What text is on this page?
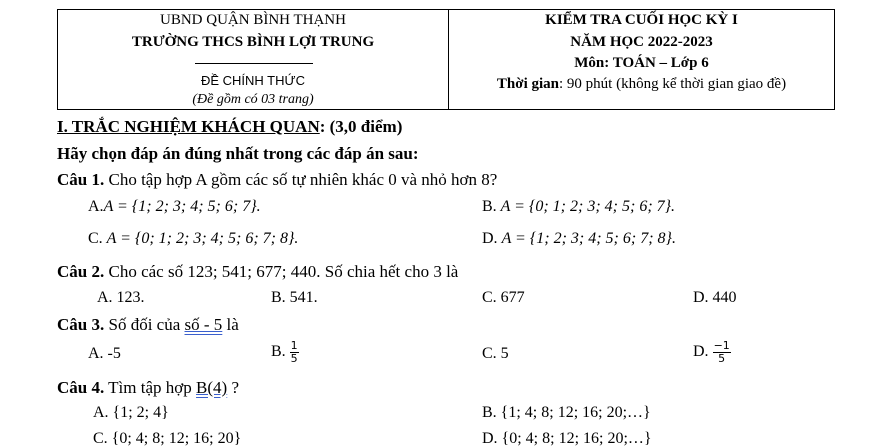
UBND QUẬN BÌNH THẠNH
TRƯỜNG THCS BÌNH LỢI TRUNG
ĐỀ CHÍNH THỨC
(Đề gồm có 03 trang)
KIỂM TRA CUỐI HỌC KỲ I
NĂM HỌC 2022-2023
Môn: TOÁN – Lớp 6
Thời gian: 90 phút (không kể thời gian giao đề)
I. TRẮC NGHIỆM KHÁCH QUAN: (3,0 điểm)
Hãy chọn đáp án đúng nhất trong các đáp án sau:
Câu 1. Cho tập hợp A gồm các số tự nhiên khác 0 và nhỏ hơn 8?
A.A = {1; 2; 3; 4; 5; 6; 7}.	B. A = {0; 1; 2; 3; 4; 5; 6; 7}.
C. A = {0; 1; 2; 3; 4; 5; 6; 7; 8}.	D. A = {1; 2; 3; 4; 5; 6; 7; 8}.
Câu 2. Cho các số 123; 541; 677; 440. Số chia hết cho 3 là
A. 123.	B. 541.	C. 677	D. 440
Câu 3. Số đối của số - 5 là
A. -5	B. $\frac{1}{5}$	C. 5	D. $\frac{-1}{5}$
Câu 4. Tìm tập hợp B(4) ?
A. {1; 2; 4}	B. {1; 4; 8; 12; 16; 20;…}
C. {0; 4; 8; 12; 16; 20}	D. {0; 4; 8; 12; 16; 20;…}
